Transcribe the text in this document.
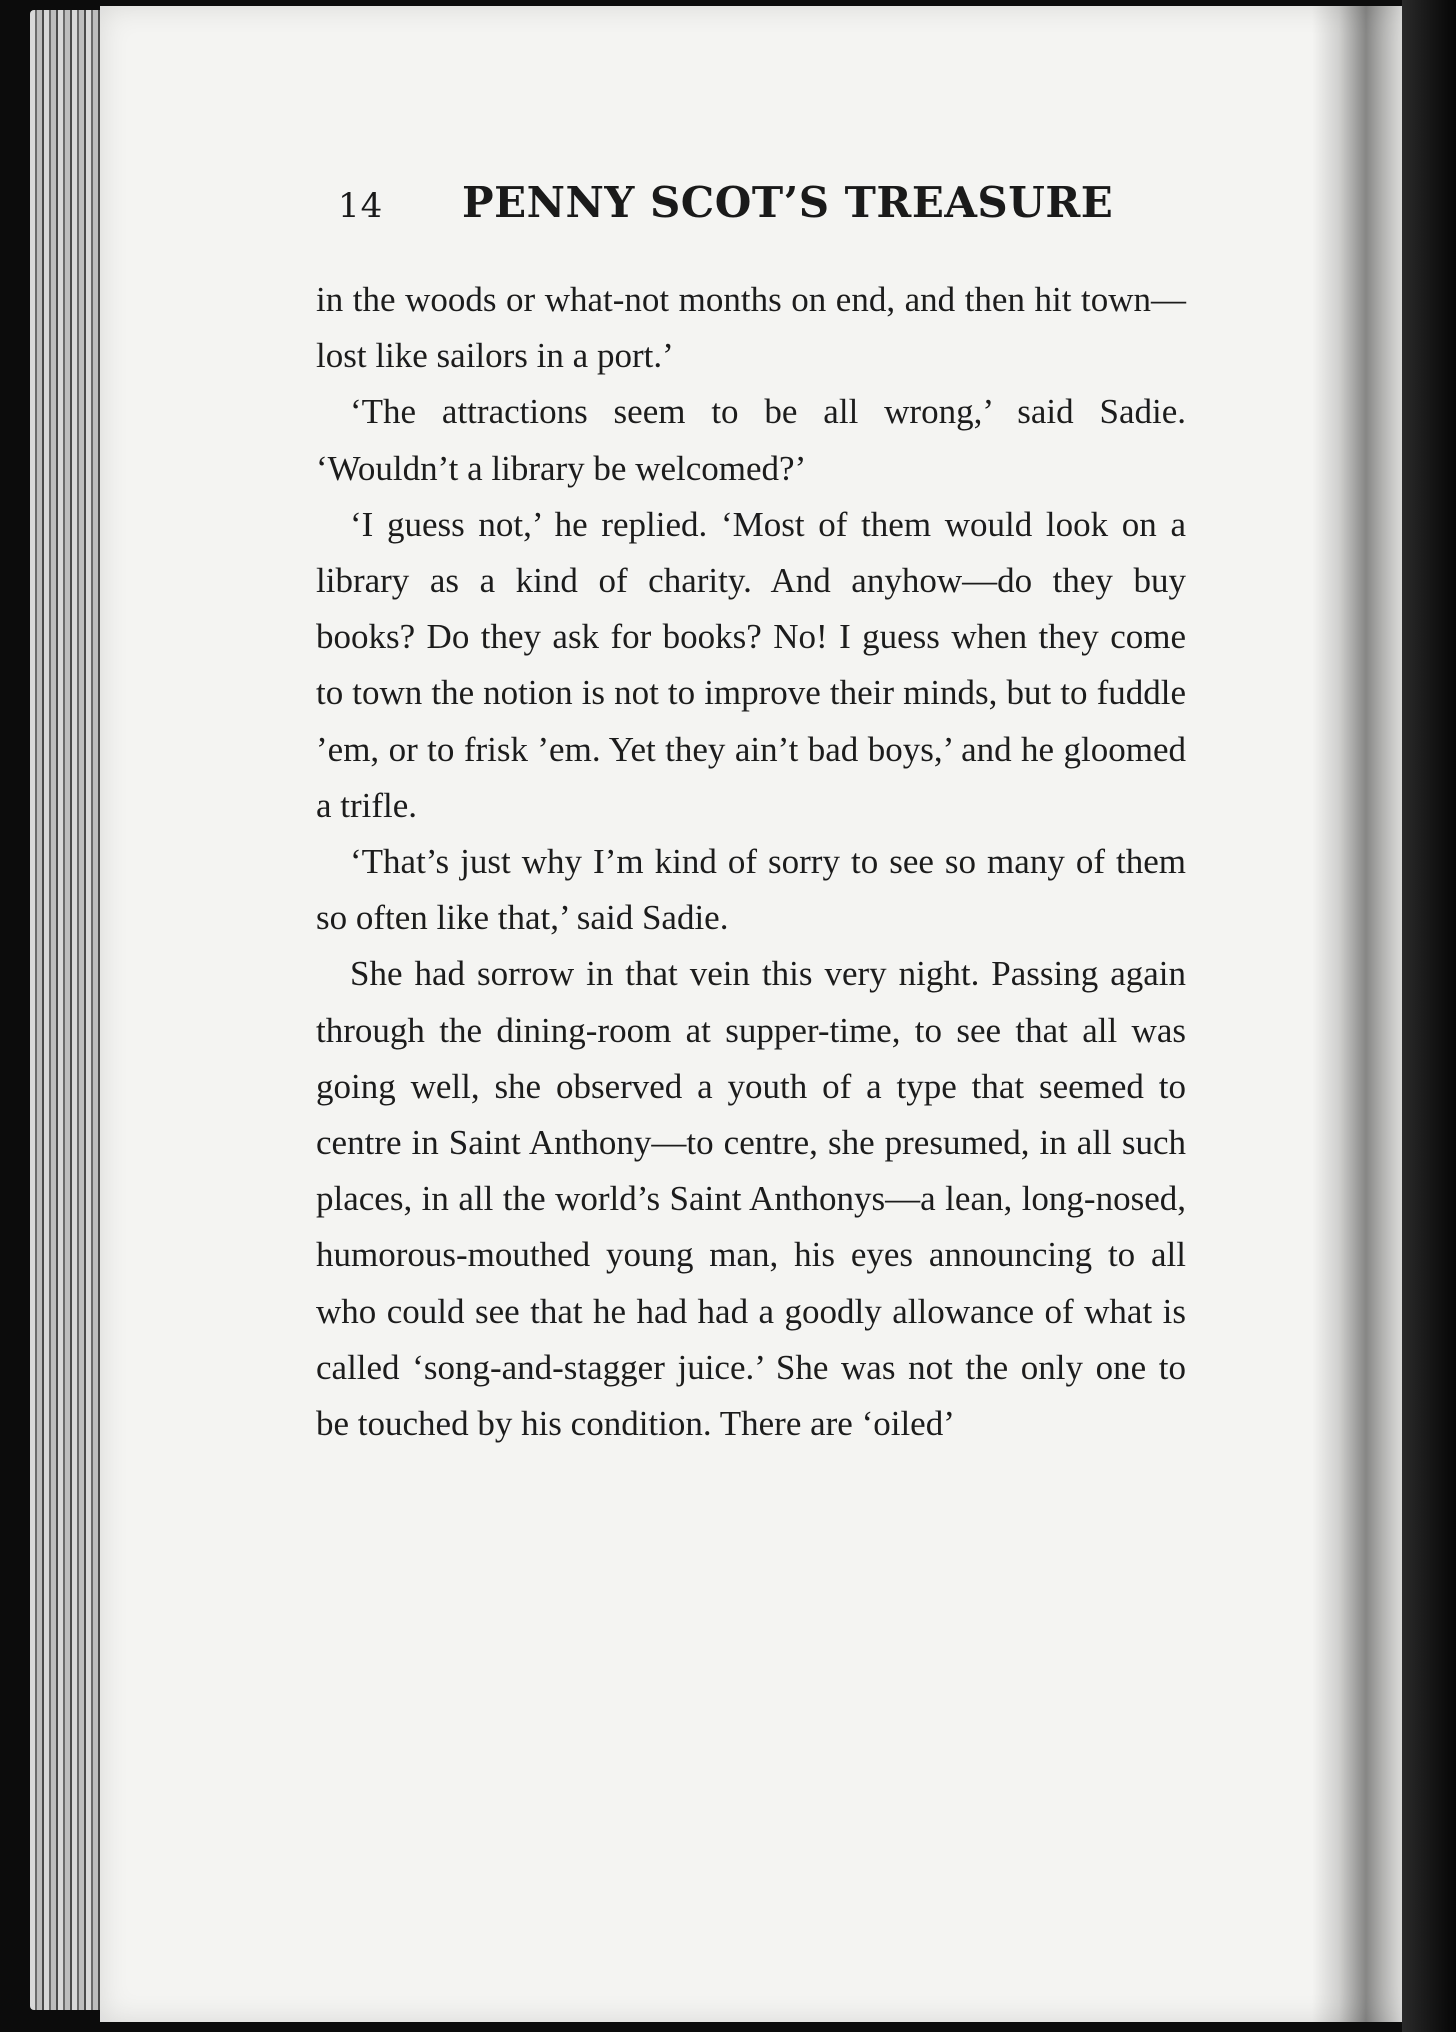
14 PENNY SCOT’S TREASURE

in the woods or what-not months on end, and then hit town—lost like sailors in a port.’

‘The attractions seem to be all wrong,’ said Sadie. ‘Wouldn’t a library be welcomed?’

‘I guess not,’ he replied. ‘Most of them would look on a library as a kind of charity. And anyhow—do they buy books? Do they ask for books? No! I guess when they come to town the notion is not to improve their minds, but to fuddle ’em, or to frisk ’em. Yet they ain’t bad boys,’ and he gloomed a trifle.

‘That’s just why I’m kind of sorry to see so many of them so often like that,’ said Sadie.

She had sorrow in that vein this very night. Passing again through the dining-room at supper-time, to see that all was going well, she observed a youth of a type that seemed to centre in Saint Anthony—to centre, she presumed, in all such places, in all the world’s Saint Anthonys—a lean, long-nosed, humorous-mouthed young man, his eyes announcing to all who could see that he had had a goodly allowance of what is called ‘song-and-stagger juice.’ She was not the only one to be touched by his condition. There are ‘oiled’
